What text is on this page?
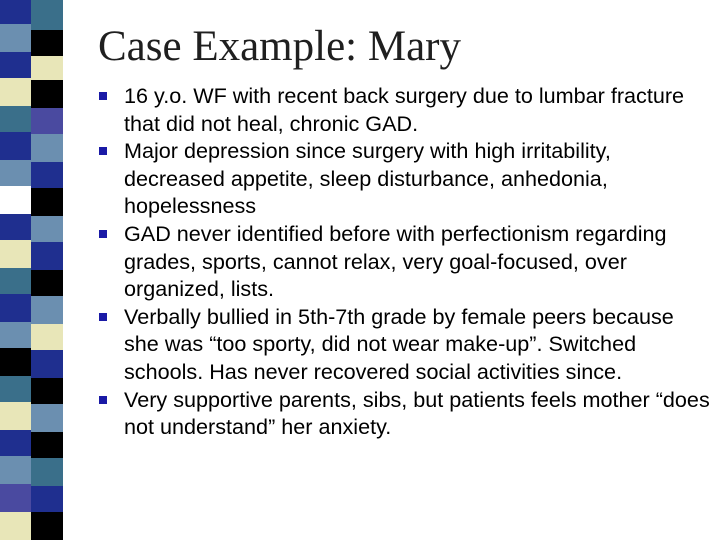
Case Example: Mary
16 y.o. WF with recent back surgery due to lumbar fracture that did not heal, chronic GAD.
Major depression since surgery with high irritability, decreased appetite, sleep disturbance, anhedonia, hopelessness
GAD never identified before with perfectionism regarding grades, sports, cannot relax, very goal-focused, over organized, lists.
Verbally bullied in 5th-7th grade by female peers because she was “too sporty, did not wear make-up”. Switched schools. Has never recovered social activities since.
Very supportive parents, sibs, but patients feels mother “does not understand” her anxiety.
